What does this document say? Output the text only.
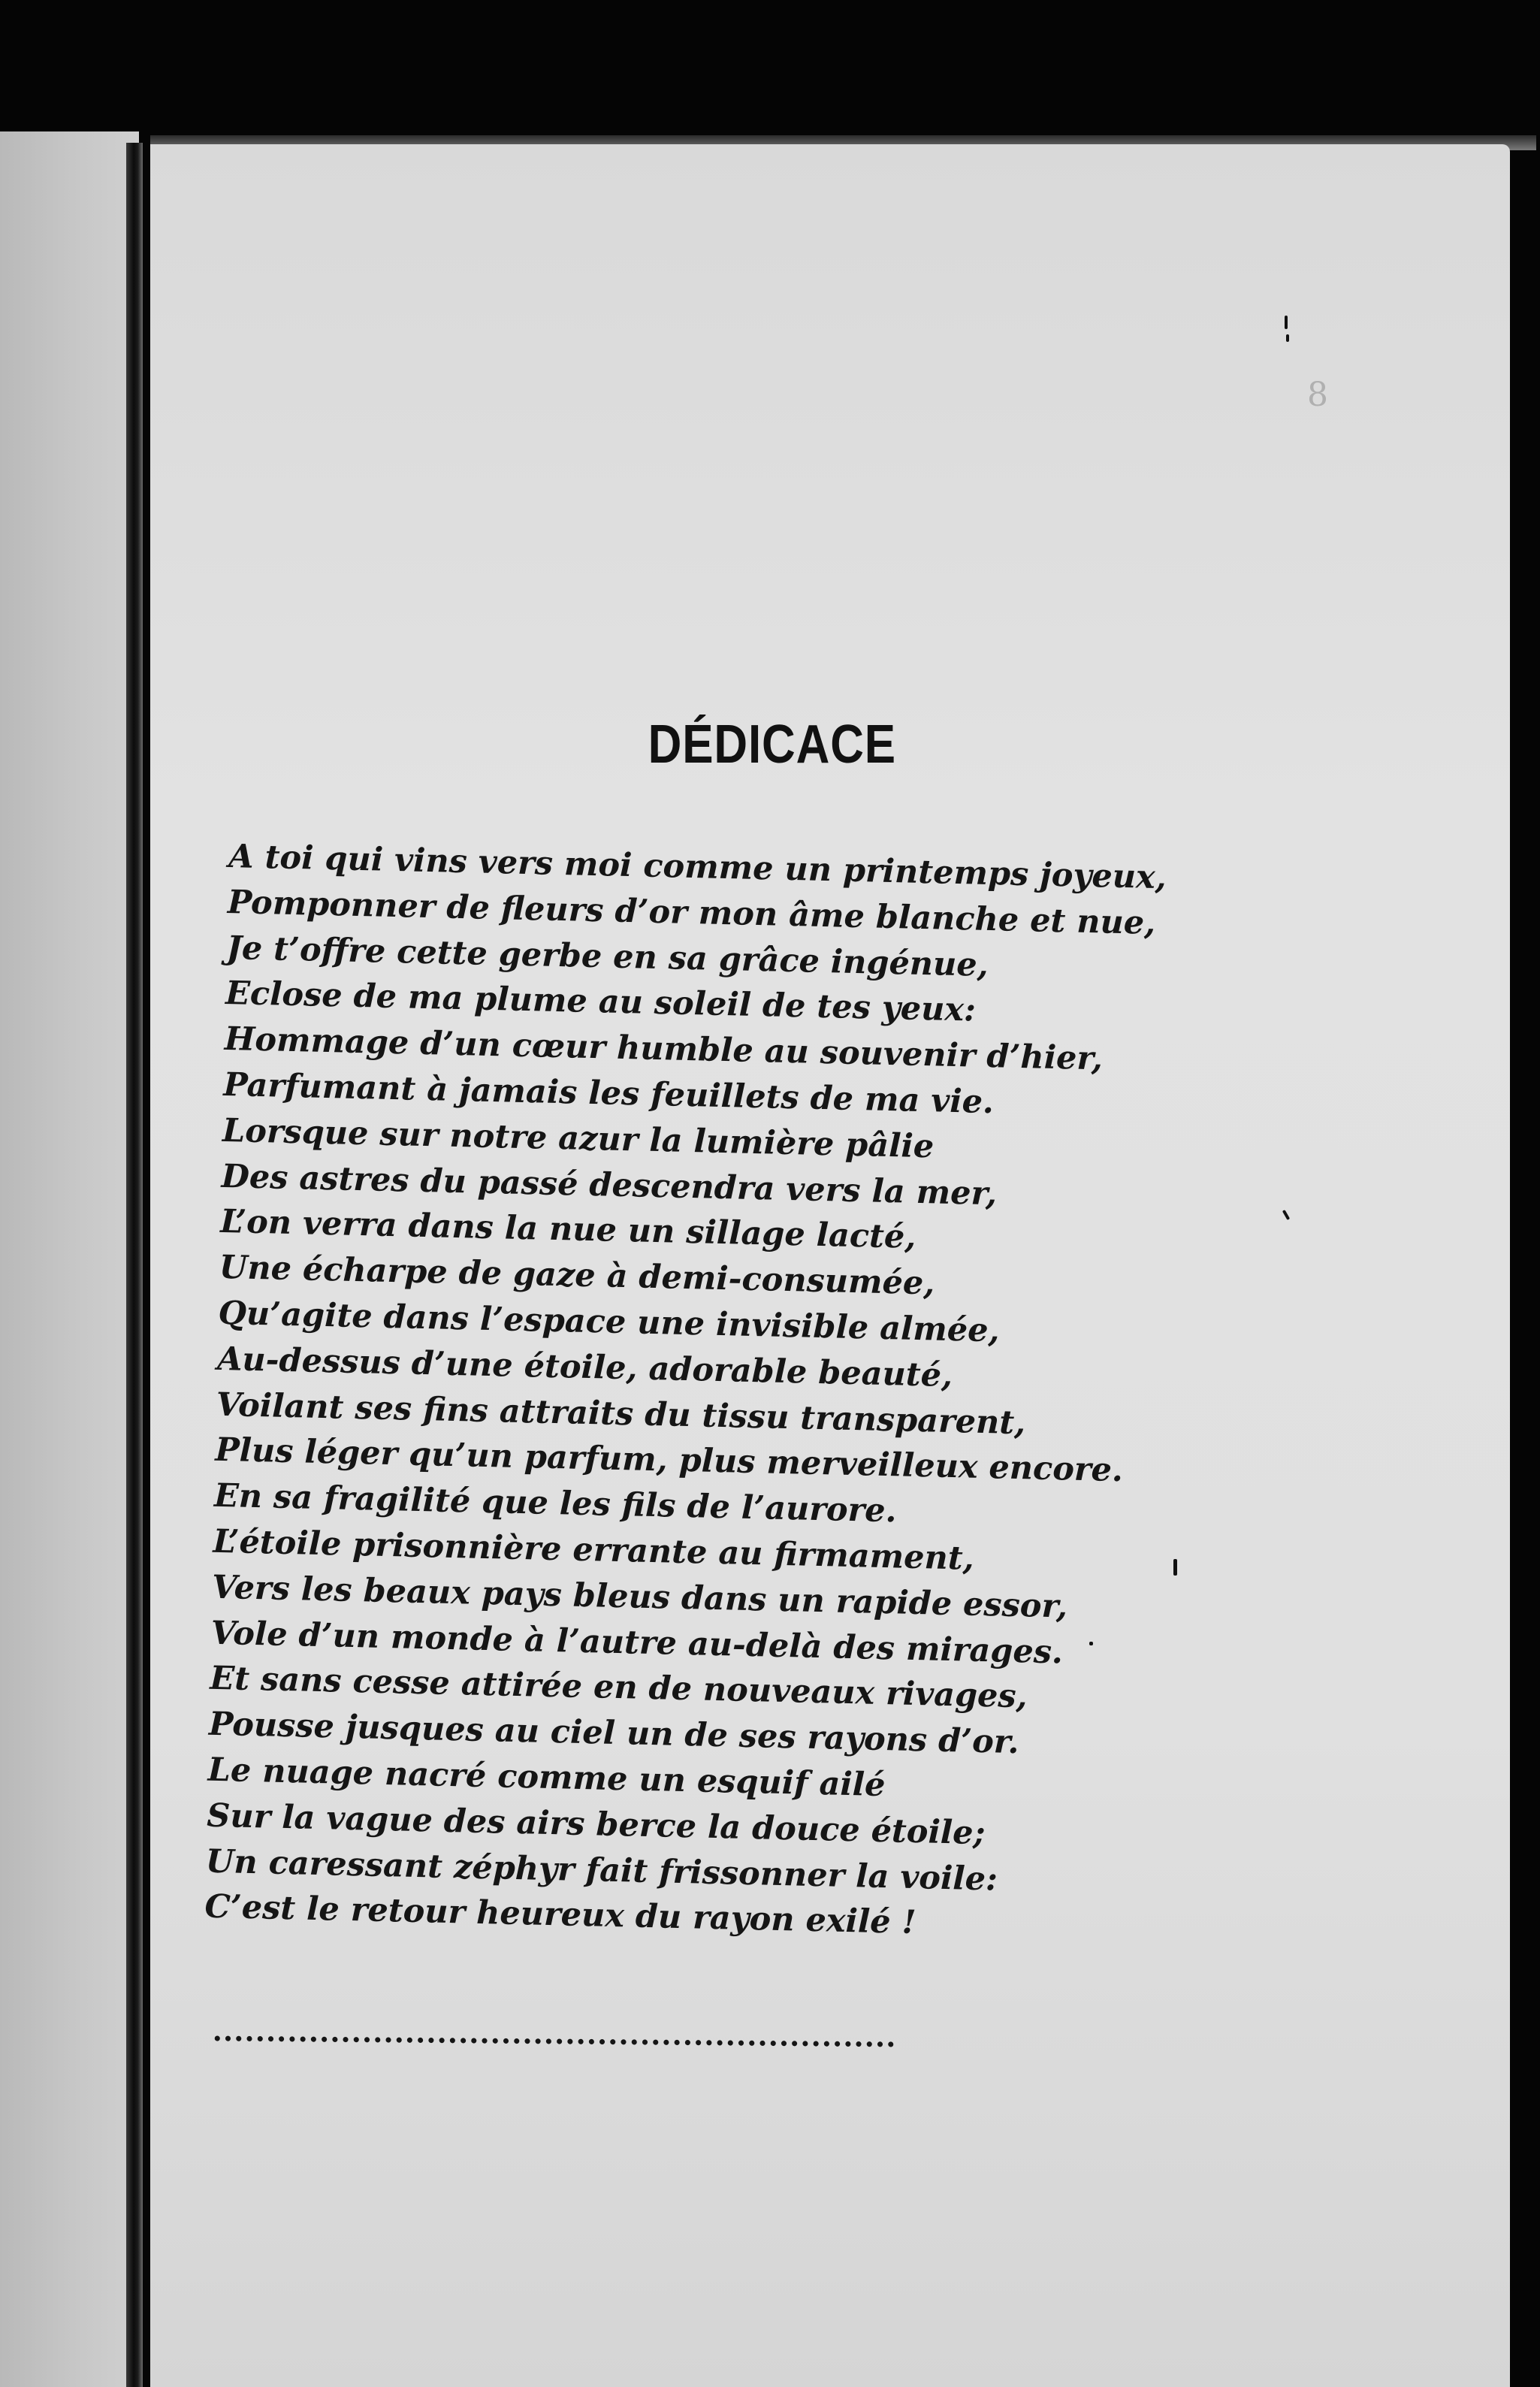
8
DÉDICACE
A toi qui vins vers moi comme un printemps joyeux,
Pomponner de fleurs d’or mon âme blanche et nue,
Je t’offre cette gerbe en sa grâce ingénue,
Eclose de ma plume au soleil de tes yeux:
Hommage d’un cœur humble au souvenir d’hier,
Parfumant à jamais les feuillets de ma vie.
Lorsque sur notre azur la lumière pâlie
Des astres du passé descendra vers la mer,
L’on verra dans la nue un sillage lacté,
Une écharpe de gaze à demi-consumée,
Qu’agite dans l’espace une invisible almée,
Au-dessus d’une étoile, adorable beauté,
Voilant ses fins attraits du tissu transparent,
Plus léger qu’un parfum, plus merveilleux encore.
En sa fragilité que les fils de l’aurore.
L’étoile prisonnière errante au firmament,
Vers les beaux pays bleus dans un rapide essor,
Vole d’un monde à l’autre au-delà des mirages.
Et sans cesse attirée en de nouveaux rivages,
Pousse jusques au ciel un de ses rayons d’or.
Le nuage nacré comme un esquif ailé
Sur la vague des airs berce la douce étoile;
Un caressant zéphyr fait frissonner la voile:
C’est le retour heureux du rayon exilé !
................................................................
